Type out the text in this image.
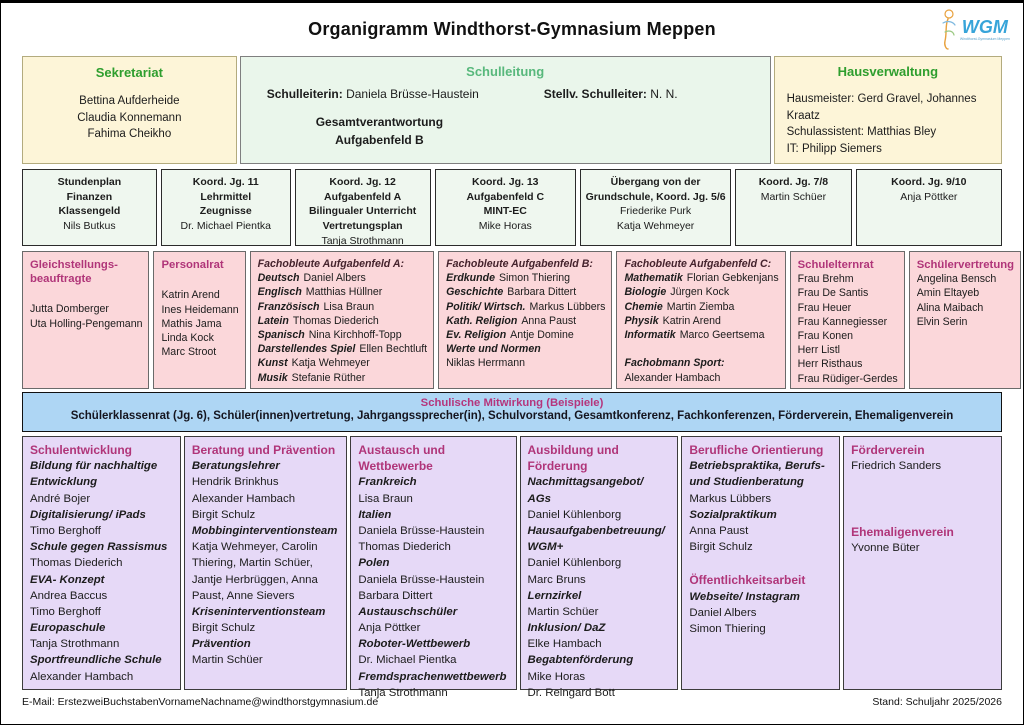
Organigramm Windthorst-Gymnasium Meppen	WGM
Windthorst-Gymnasium Meppen
Sekretariat
Bettina Aufderheide
Claudia Konnemann
Fahima Cheikho
Schulleitung
Schulleiterin: Daniela Brüsse-Haustein	Stellv. Schulleiter: N. N.
Gesamtverantwortung
Aufgabenfeld B
Hausverwaltung
Hausmeister: Gerd Gravel, Johannes Kraatz
Schulassistent: Matthias Bley
IT: Philipp Siemers
Stundenplan
Finanzen
Klassengeld
Nils Butkus
Koord. Jg. 11
Lehrmittel
Zeugnisse
Dr. Michael Pientka
Koord. Jg. 12
Aufgabenfeld A
Bilingualer Unterricht
Vertretungsplan
Tanja Strothmann
Koord. Jg. 13
Aufgabenfeld C
MINT-EC
Mike Horas
Übergang von der
Grundschule, Koord. Jg. 5/6
Friederike Purk
Katja Wehmeyer
Koord. Jg. 7/8
Martin Schüer
Koord. Jg. 9/10
Anja Pöttker
Gleichstellungs-beauftragte
Jutta Domberger
Uta Holling-Pengemann
Personalrat
Katrin Arend
Ines Heidemann
Mathis Jama
Linda Kock
Marc Stroot
Fachobleute Aufgabenfeld A:
Deutsch Daniel Albers
Englisch Matthias Hüllner
Französisch Lisa Braun
Latein Thomas Diederich
Spanisch Nina Kirchhoff-Topp
Darstellendes Spiel Ellen Bechtluft
Kunst Katja Wehmeyer
Musik Stefanie Rüther
Fachobleute Aufgabenfeld B:
Erdkunde Simon Thiering
Geschichte Barbara Dittert
Politik/ Wirtsch. Markus Lübbers
Kath. Religion Anna Paust
Ev. Religion Antje Domine
Werte und Normen
Niklas Herrmann
Fachobleute Aufgabenfeld C:
Mathematik Florian Gebkenjans
Biologie Jürgen Kock
Chemie Martin Ziemba
Physik Katrin Arend
Informatik Marco Geertsema
Fachobmann Sport:
Alexander Hambach
Schulelternrat
Frau Brehm
Frau De Santis
Frau Heuer
Frau Kannegiesser
Frau Konen
Herr Listl
Herr Risthaus
Frau Rüdiger-Gerdes
Schülervertretung
Angelina Bensch
Amin Eltayeb
Alina Maibach
Elvin Serin
Schulische Mitwirkung (Beispiele)
Schülerklassenrat (Jg. 6), Schüler(innen)vertretung, Jahrgangssprecher(in), Schulvorstand, Gesamtkonferenz, Fachkonferenzen, Förderverein, Ehemaligenverein
Schulentwicklung
Bildung für nachhaltige Entwicklung
André Bojer
Digitalisierung/ iPads
Timo Berghoff
Schule gegen Rassismus
Thomas Diederich
EVA- Konzept
Andrea Baccus
Timo Berghoff
Europaschule
Tanja Strothmann
Sportfreundliche Schule
Alexander Hambach
Beratung und Prävention
Beratungslehrer
Hendrik Brinkhus
Alexander Hambach
Birgit Schulz
Mobbinginterventionsteam
Katja Wehmeyer, Carolin Thiering, Martin Schüer, Jantje Herbrüggen, Anna Paust, Anne Sievers
Kriseninterventionsteam
Birgit Schulz
Prävention
Martin Schüer
Austausch und Wettbewerbe
Frankreich
Lisa Braun
Italien
Daniela Brüsse-Haustein
Thomas Diederich
Polen
Daniela Brüsse-Haustein
Barbara Dittert
Austauschschüler
Anja Pöttker
Roboter-Wettbewerb
Dr. Michael Pientka
Fremdsprachenwettbewerb
Tanja Strothmann
Ausbildung und Förderung
Nachmittagsangebot/ AGs
Daniel Kühlenborg
Hausaufgabenbetreuung/ WGM+
Daniel Kühlenborg
Marc Bruns
Lernzirkel
Martin Schüer
Inklusion/ DaZ
Elke Hambach
Begabtenförderung
Mike Horas
Dr. Reingard Bott
Berufliche Orientierung
Betriebspraktika, Berufs- und Studienberatung
Markus Lübbers
Sozialpraktikum
Anna Paust
Birgit Schulz
Öffentlichkeitsarbeit
Webseite/ Instagram
Daniel Albers
Simon Thiering
Förderverein
Friedrich Sanders
Ehemaligenverein
Yvonne Büter
E-Mail: ErstezweiBuchstabenVornameNachname@windthorstgymnasium.de	Stand: Schuljahr 2025/2026
